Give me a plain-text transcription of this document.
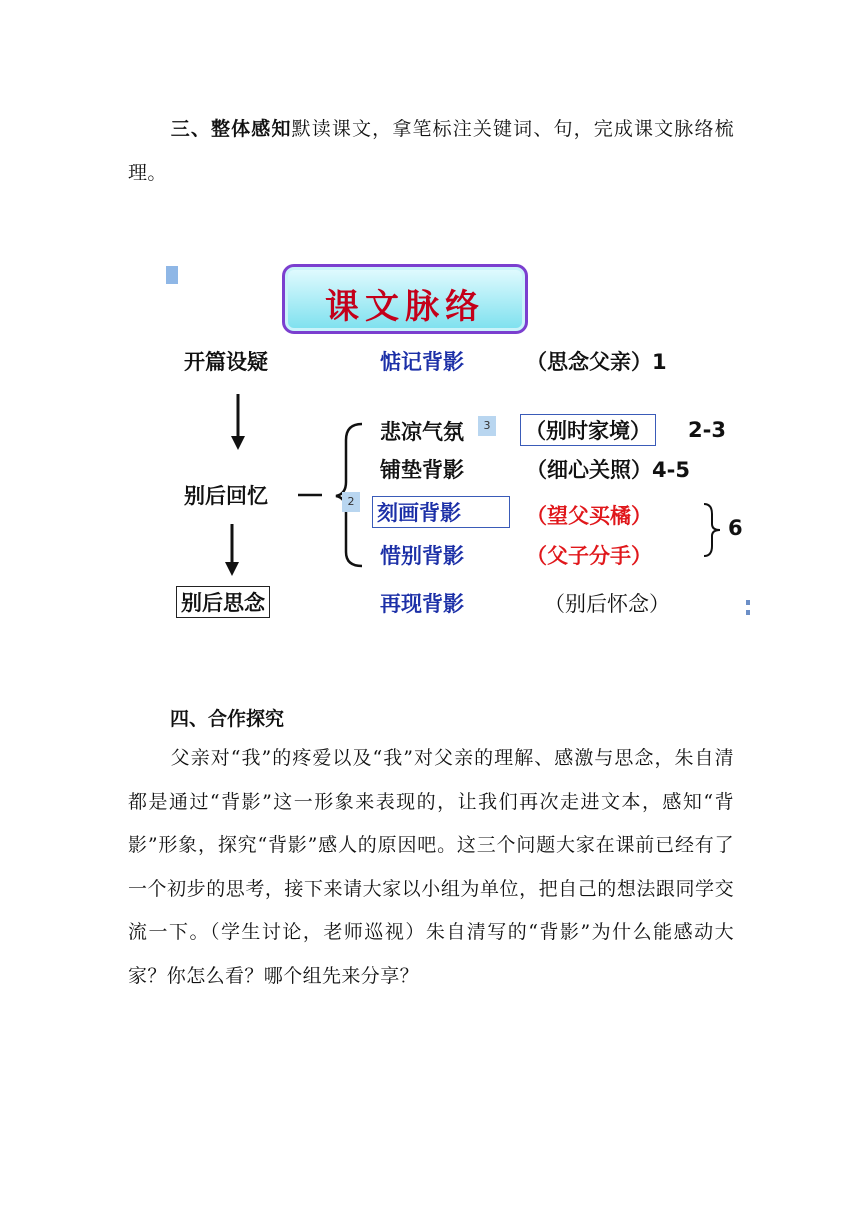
三、整体感知默读课文，拿笔标注关键词、句，完成课文脉络梳理。
课文脉络
开篇设疑
别后回忆
别后思念
2
惦记背影	（思念父亲）1
悲凉气氛	3 （别时家境） 2-3
铺垫背影	（细心关照）4-5
刻画背影	（望父买橘）
惜别背影	（父子分手）
6
再现背影	（别后怀念）
四、合作探究
父亲对“我”的疼爱以及“我”对父亲的理解、感激与思念，朱自清都是通过“背影”这一形象来表现的，让我们再次走进文本，感知“背影”形象，探究“背影”感人的原因吧。这三个问题大家在课前已经有了一个初步的思考，接下来请大家以小组为单位，把自己的想法跟同学交流一下。（学生讨论，老师巡视）朱自清写的“背影”为什么能感动大家？你怎么看？哪个组先来分享？
